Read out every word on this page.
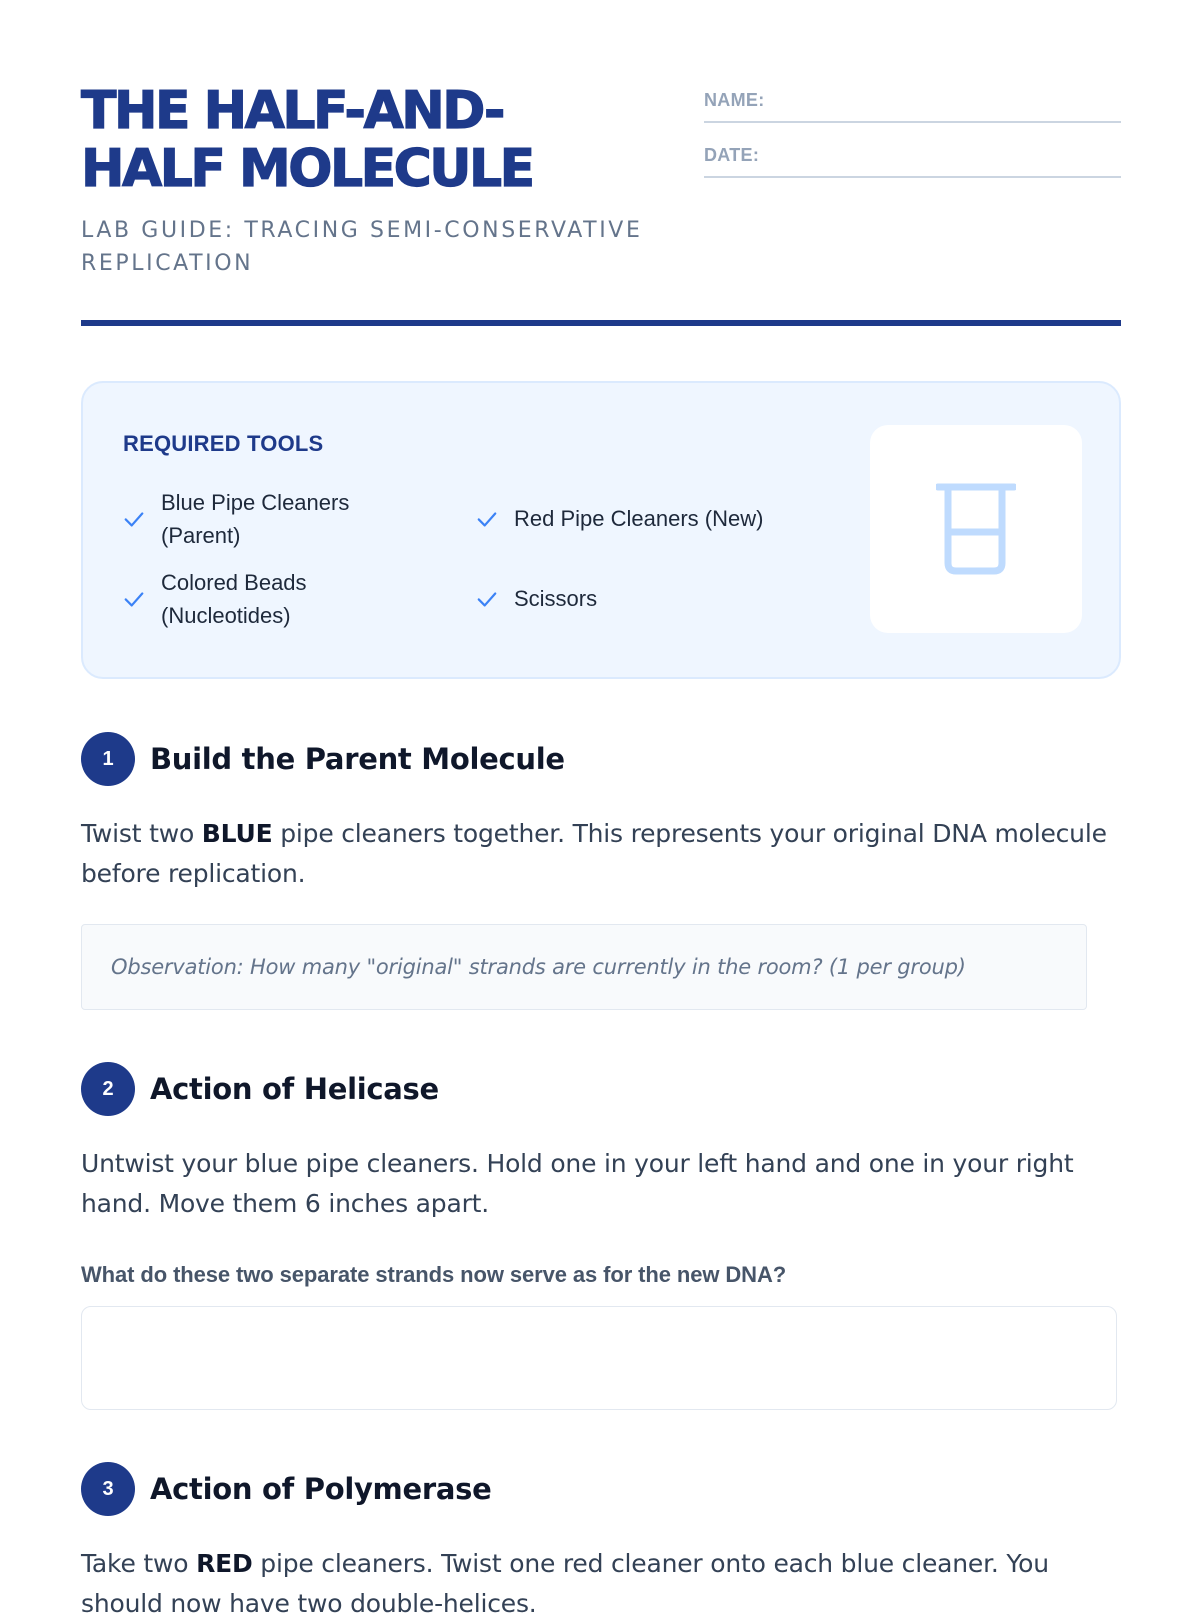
THE HALF-AND-
HALF MOLECULE
LAB GUIDE: TRACING SEMI-CONSERVATIVE REPLICATION
NAME:
DATE:
REQUIRED TOOLS
Blue Pipe Cleaners (Parent)
Red Pipe Cleaners (New)
Colored Beads (Nucleotides)
Scissors
1	Build the Parent Molecule
Twist two BLUE pipe cleaners together. This represents your original DNA molecule before replication.
Observation: How many "original" strands are currently in the room? (1 per group)
2	Action of Helicase
Untwist your blue pipe cleaners. Hold one in your left hand and one in your right hand. Move them 6 inches apart.
What do these two separate strands now serve as for the new DNA?
3	Action of Polymerase
Take two RED pipe cleaners. Twist one red cleaner onto each blue cleaner. You should now have two double-helices.
